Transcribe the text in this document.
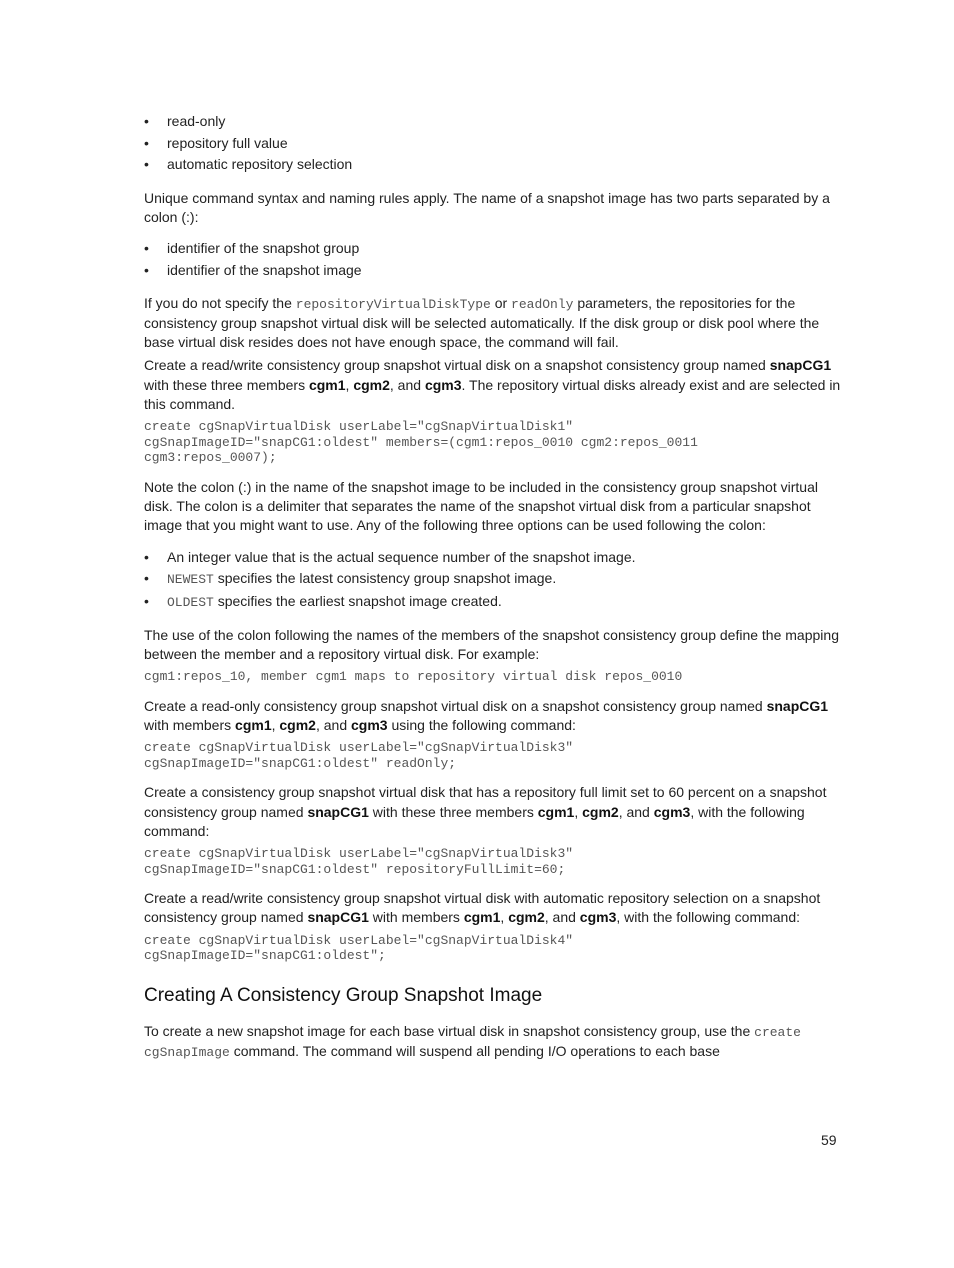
• read-only
• repository full value
• automatic repository selection

Unique command syntax and naming rules apply. The name of a snapshot image has two parts separated by a colon (:):

• identifier of the snapshot group
• identifier of the snapshot image

If you do not specify the repositoryVirtualDiskType or readOnly parameters, the repositories for the consistency group snapshot virtual disk will be selected automatically. If the disk group or disk pool where the base virtual disk resides does not have enough space, the command will fail.

Create a read/write consistency group snapshot virtual disk on a snapshot consistency group named snapCG1 with these three members cgm1, cgm2, and cgm3. The repository virtual disks already exist and are selected in this command.

create cgSnapVirtualDisk userLabel="cgSnapVirtualDisk1"
cgSnapImageID="snapCG1:oldest" members=(cgm1:repos_0010 cgm2:repos_0011
cgm3:repos_0007);

Note the colon (:) in the name of the snapshot image to be included in the consistency group snapshot virtual disk. The colon is a delimiter that separates the name of the snapshot virtual disk from a particular snapshot image that you might want to use. Any of the following three options can be used following the colon:

• An integer value that is the actual sequence number of the snapshot image.
• NEWEST specifies the latest consistency group snapshot image.
• OLDEST specifies the earliest snapshot image created.

The use of the colon following the names of the members of the snapshot consistency group define the mapping between the member and a repository virtual disk. For example:

cgm1:repos_10, member cgm1 maps to repository virtual disk repos_0010

Create a read-only consistency group snapshot virtual disk on a snapshot consistency group named snapCG1 with members cgm1, cgm2, and cgm3 using the following command:

create cgSnapVirtualDisk userLabel="cgSnapVirtualDisk3"
cgSnapImageID="snapCG1:oldest" readOnly;

Create a consistency group snapshot virtual disk that has a repository full limit set to 60 percent on a snapshot consistency group named snapCG1 with these three members cgm1, cgm2, and cgm3, with the following command:

create cgSnapVirtualDisk userLabel="cgSnapVirtualDisk3"
cgSnapImageID="snapCG1:oldest" repositoryFullLimit=60;

Create a read/write consistency group snapshot virtual disk with automatic repository selection on a snapshot consistency group named snapCG1 with members cgm1, cgm2, and cgm3, with the following command:

create cgSnapVirtualDisk userLabel="cgSnapVirtualDisk4"
cgSnapImageID="snapCG1:oldest";
Creating A Consistency Group Snapshot Image

To create a new snapshot image for each base virtual disk in snapshot consistency group, use the create cgSnapImage command. The command will suspend all pending I/O operations to each base

59
